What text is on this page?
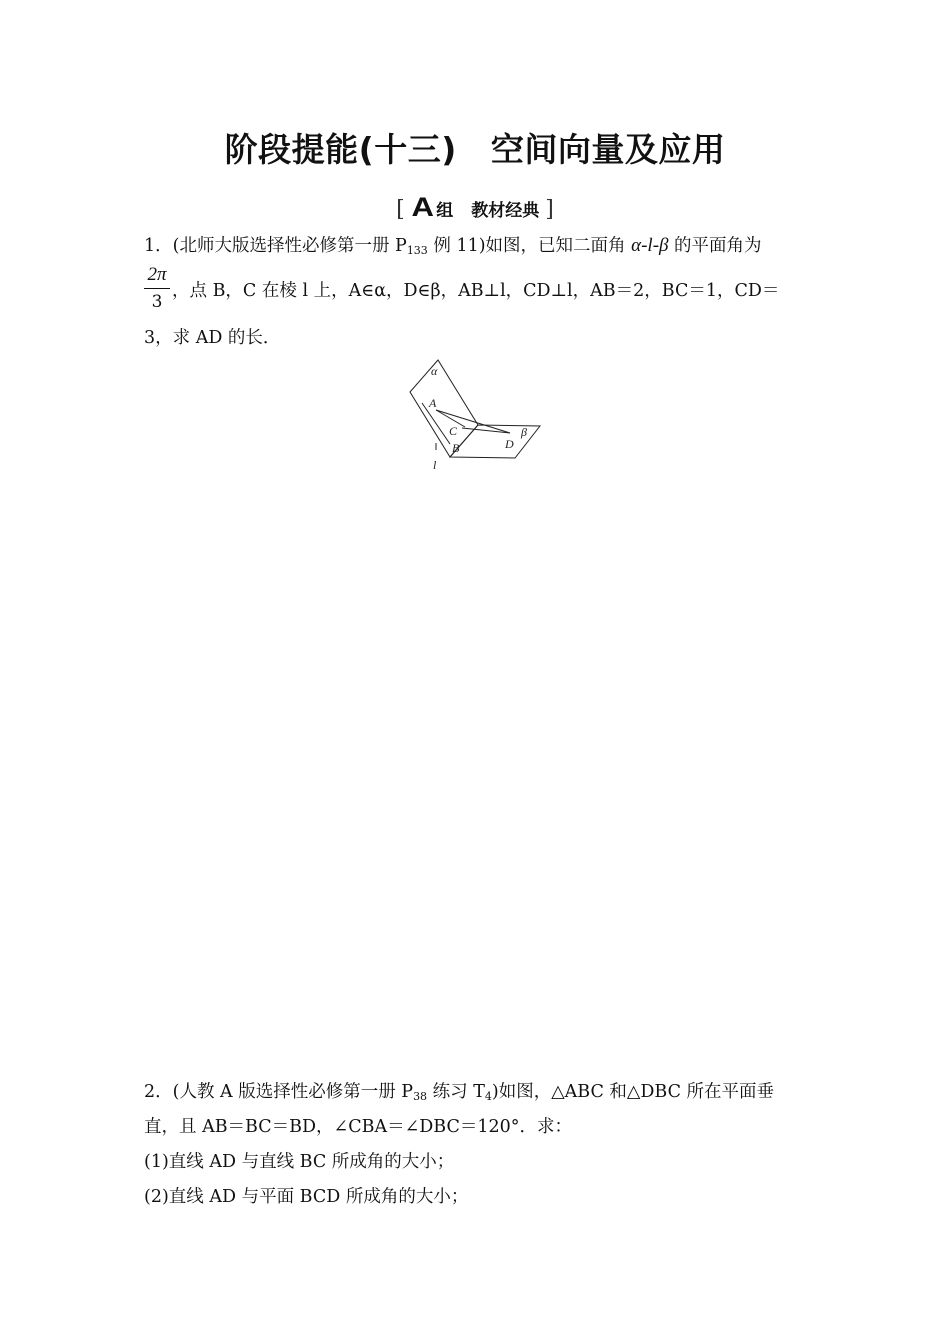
阶段提能(十三) 空间向量及应用
[ A 组 教材经典 ]
1．(北师大版选择性必修第一册 $P_{133}$ 例 11)如图，已知二面角 α-l-β 的平面角为
2π
3
，点 B，C 在棱 l 上，A∈α，D∈β，AB⊥l，CD⊥l，AB＝2，BC＝1，CD＝
3，求 AD 的长．
α
A
C
B	D
β
l
2．(人教 A 版选择性必修第一册 $P_{38}$ 练习 $T_4$)如图，△ABC 和△DBC 所在平面垂
直，且 AB＝BC＝BD，∠CBA＝∠DBC＝120°．求：
(1)直线 AD 与直线 BC 所成角的大小；
(2)直线 AD 与平面 BCD 所成角的大小；
